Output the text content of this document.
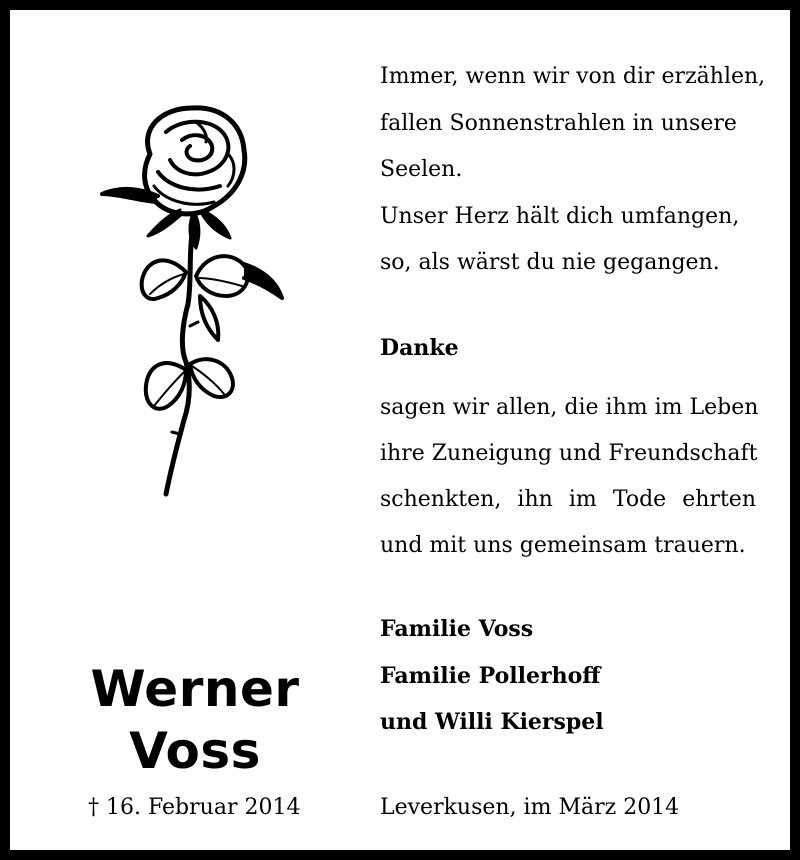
Werner
Voss
† 16. Februar 2014
Immer, wenn wir von dir erzählen,
fallen Sonnenstrahlen in unsere
Seelen.
Unser Herz hält dich umfangen,
so, als wärst du nie gegangen.
Danke
sagen wir allen, die ihm im Leben
ihre Zuneigung und Freundschaft
schenkten, ihn im Tode ehrten
und mit uns gemeinsam trauern.
Familie Voss
Familie Pollerhoff
und Willi Kierspel
Leverkusen, im März 2014
